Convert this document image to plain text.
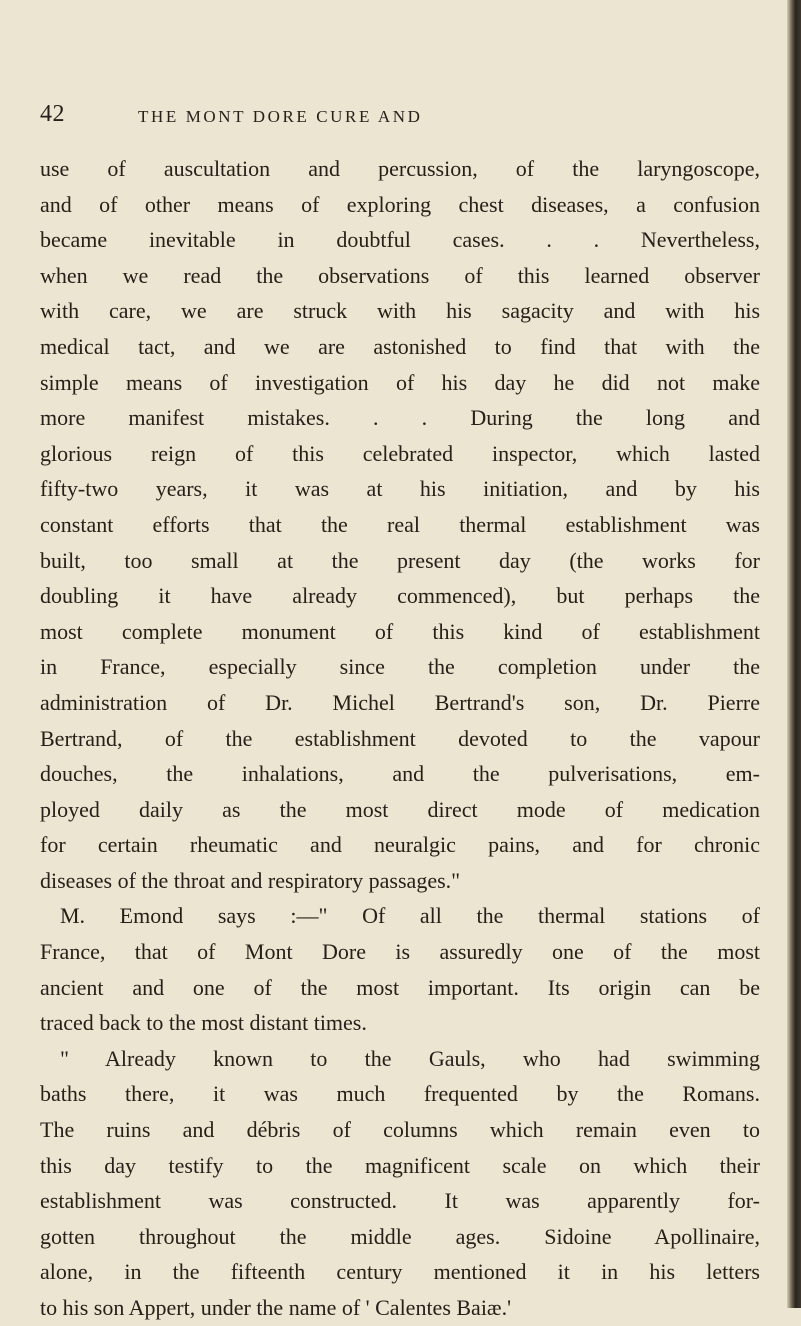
42	THE MONT DORE CURE AND
use of auscultation and percussion, of the laryngoscope,
and of other means of exploring chest diseases, a confusion
became inevitable in doubtful cases. . . Nevertheless,
when we read the observations of this learned observer
with care, we are struck with his sagacity and with his
medical tact, and we are astonished to find that with the
simple means of investigation of his day he did not make
more manifest mistakes. . . During the long and
glorious reign of this celebrated inspector, which lasted
fifty-two years, it was at his initiation, and by his
constant efforts that the real thermal establishment was
built, too small at the present day (the works for
doubling it have already commenced), but perhaps the
most complete monument of this kind of establishment
in France, especially since the completion under the
administration of Dr. Michel Bertrand's son, Dr. Pierre
Bertrand, of the establishment devoted to the vapour
douches, the inhalations, and the pulverisations, em-
ployed daily as the most direct mode of medication
for certain rheumatic and neuralgic pains, and for chronic
diseases of the throat and respiratory passages."
M. Emond says :—" Of all the thermal stations of
France, that of Mont Dore is assuredly one of the most
ancient and one of the most important. Its origin can be
traced back to the most distant times.
" Already known to the Gauls, who had swimming
baths there, it was much frequented by the Romans.
The ruins and débris of columns which remain even to
this day testify to the magnificent scale on which their
establishment was constructed. It was apparently for-
gotten throughout the middle ages. Sidoine Apollinaire,
alone, in the fifteenth century mentioned it in his letters
to his son Appert, under the name of ' Calentes Baiæ.'
